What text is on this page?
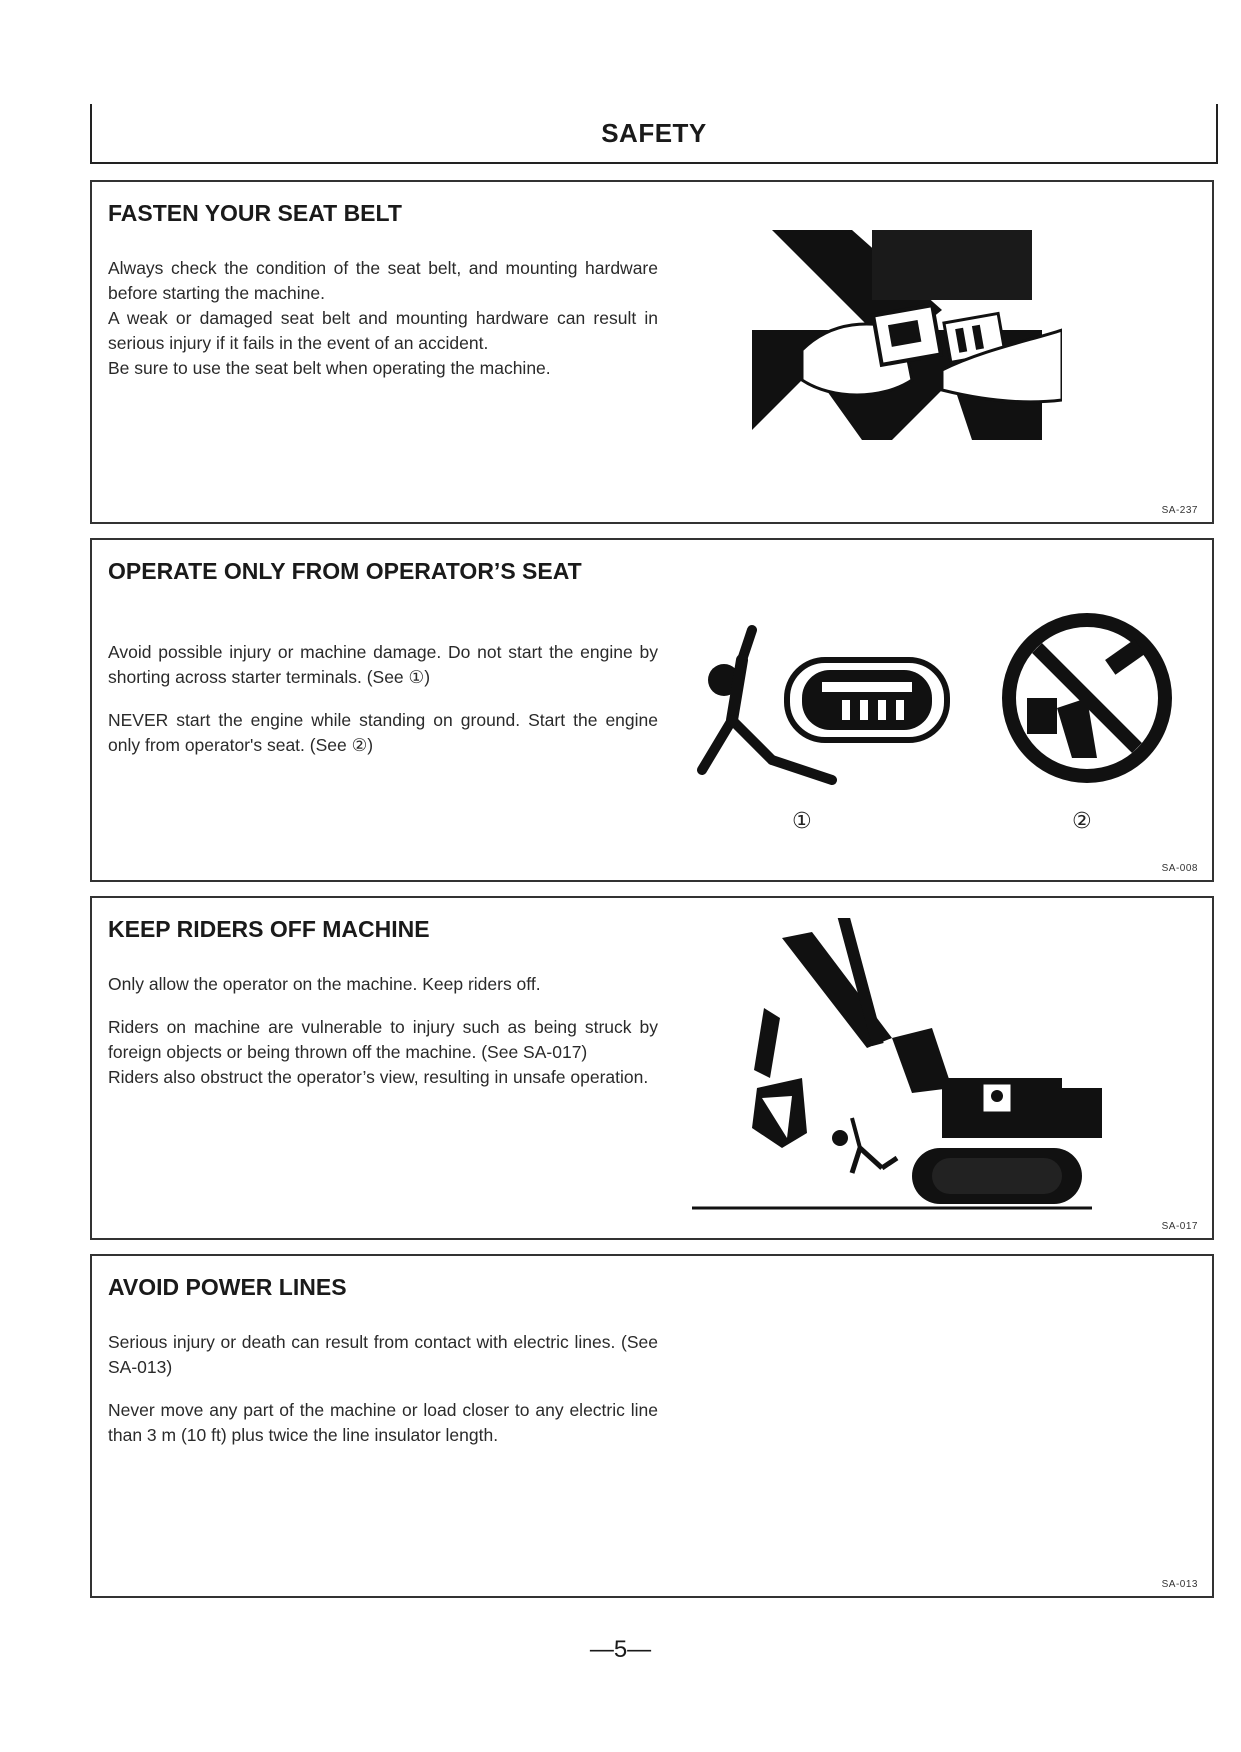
SAFETY
FASTEN YOUR SEAT BELT

Always check the condition of the seat belt, and mounting hardware before starting the machine.

A weak or damaged seat belt and mounting hardware can result in serious injury if it fails in the event of an accident.

Be sure to use the seat belt when operating the machine.

SA-237
OPERATE ONLY FROM OPERATOR’S SEAT

Avoid possible injury or machine damage. Do not start the engine by shorting across starter terminals. (See ①)

NEVER start the engine while standing on ground. Start the engine only from operator's seat. (See ②)

①	②
SA-008
KEEP RIDERS OFF MACHINE

Only allow the operator on the machine. Keep riders off.

Riders on machine are vulnerable to injury such as being struck by foreign objects or being thrown off the machine. (See SA-017)

Riders also obstruct the operator’s view, resulting in unsafe operation.

SA-017
AVOID POWER LINES

Serious injury or death can result from contact with electric lines. (See SA-013)

Never move any part of the machine or load closer to any electric line than 3 m (10 ft) plus twice the line insulator length.

SA-013
—5—
